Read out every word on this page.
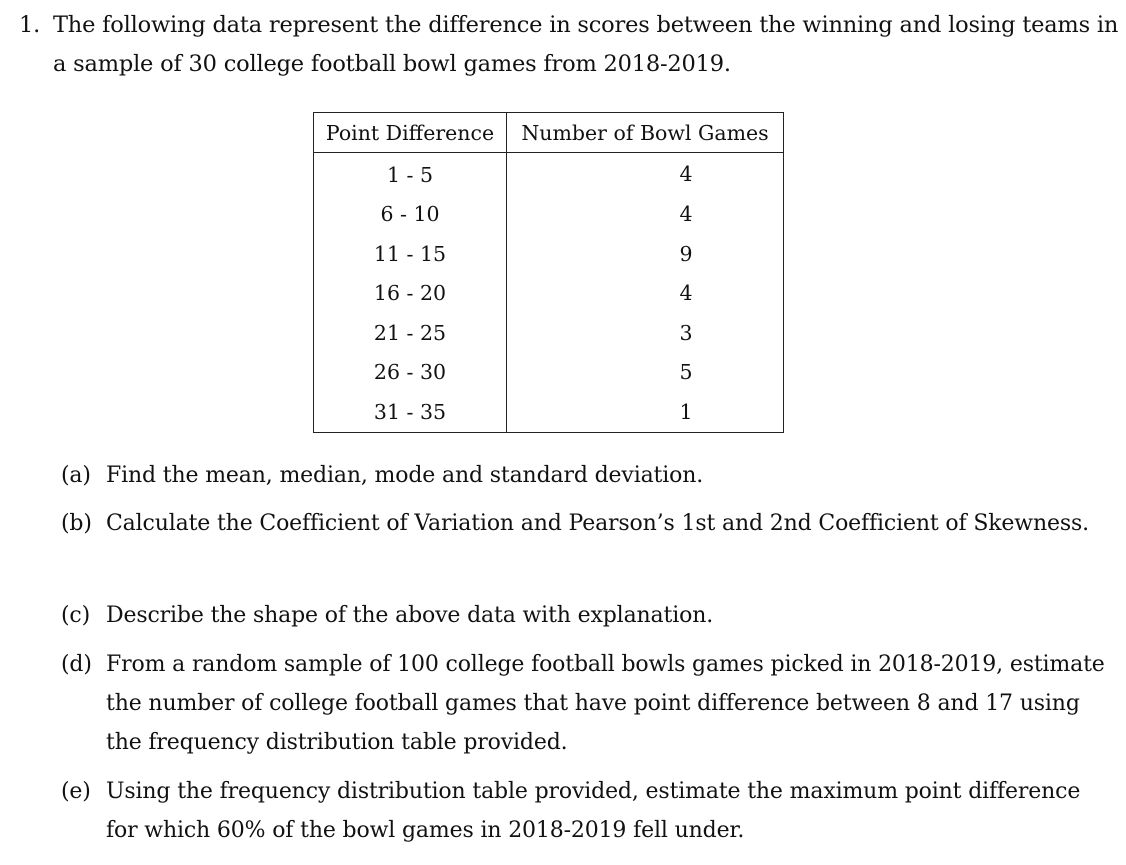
1. The following data represent the difference in scores between the winning and losing teams in
a sample of 30 college football bowl games from 2018-2019.
Point Difference	Number of Bowl Games
1 - 5	4
6 - 10	4
11 - 15	9
16 - 20	4
21 - 25	3
26 - 30	5
31 - 35	1
(a) Find the mean, median, mode and standard deviation.
(b) Calculate the Coefficient of Variation and Pearson’s 1st and 2nd Coefficient of Skewness.
(c) Describe the shape of the above data with explanation.
(d) From a random sample of 100 college football bowls games picked in 2018-2019, estimate
the number of college football games that have point difference between 8 and 17 using
the frequency distribution table provided.
(e) Using the frequency distribution table provided, estimate the maximum point difference
for which 60% of the bowl games in 2018-2019 fell under.
